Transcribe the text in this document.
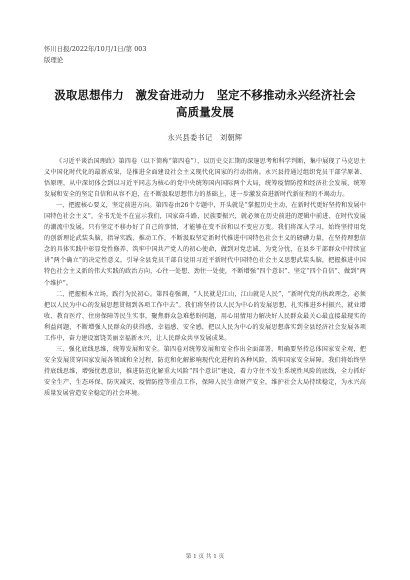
怀川日报/2022年/10月/1日/第 003
版理论
汲取思想伟力　激发奋进动力　坚定不移推动永兴经济社会
高质量发展
永兴县委书记　刘朝辉

《习近平谈治国理政》第四卷（以下简称“第四卷”），以历史交汇期的深邃思考和科学判断，集中展现了马克思主义中国化时代化的最新成果，是推进全面建设社会主义现代化国家的行动指南。永兴县持通过组织党员干部学原著、悟原理，从中深切体会到以习近平同志为核心的党中央统筹国内国际两个大局，统筹疫情防控和经济社会发展，统筹发展和安全的坚定自信和从容不迫，在不断汲取思想伟力的基础上，进一步激发奋进新时代新征程的不竭动力。

一、把握核心要义，坚定前进方向。第四卷由26个专题中，开头就是“掌握历史主动，在新时代更好坚持和发展中国特色社会主义”，全书无处不在宣示我们，国家奋斗路，民族要振兴，就必须在历史前进的逻辑中前进、在时代发展的潮流中发展。只有坚定不移办好了自己的事情，才能够在变不居和以不变应万变。我们将深入学习，始终坚持用党的创新理论武装头脑，指导实践、推动工作，不断汲取坚定新时代推进中国特色社会主义的磅礴力量，在坚持理想信念的具体实践中彰显党性修养，筑牢中国共产党人的初心使命，做到对党忠诚、为党分忧，在县乡干部群众中持续宣讲“两个确立”的决定性意义，引导全县党员干部自觉用习近平新时代中国特色社会主义思想武装头脑，把握推进中国特色社会主义新的伟大实践的政治方向，心往一处想、劲往一处使，不断增强“四个意识”、坚定“四个自信”、做到“两个维护”。

二、把握根本立场，践行为民初心。第四卷强调，“人民就是江山，江山就是人民”，“新时代党的执政理念，必须把以人民为中心的发展思想贯彻到各项工作中去”。我们将坚持以人民为中心的发展思想，扎实推进乡村振兴、就业增收、教育医疗、住房保障等民生实事，聚焦群众急难愁盼问题，用心用情用力解决好人民群众最关心最直接最现实的利益问题，不断增强人民群众的获得感、幸福感、安全感，把以人民为中心的发展思想落实到全县经济社会发展各项工作中，奋力建设富饶美丽幸福新永兴，让人民群众共享发展成果。

三、强化底线思维，统筹发展和安全。第四卷对统筹发展和安全作出全面部署，明确要坚持总体国家安全观，把安全发展贯穿国家发展各领域和全过程，防范和化解影响现代化进程的各种风险，筑牢国家安全屏障。我们将始终坚持底线思维，增强忧患意识，推进防范化解重大风险“四个意识”建设，着力守住不发生系统性风险的底线，全力抓好安全生产、生态环保、防灾减灾、疫情防控等重点工作，保障人民生命财产安全，维护社会大局持续稳定，为永兴高质量发展营造安全稳定的社会环境。

第 1 页 共 1 页
